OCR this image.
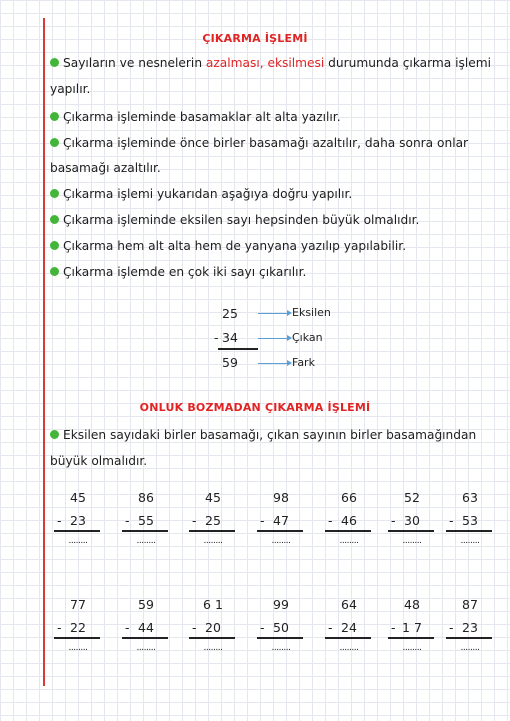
ÇIKARMA İŞLEMİ
Sayıların ve nesnelerin azalması, eksilmesi durumunda çıkarma işlemi
yapılır.
Çıkarma işleminde basamaklar alt alta yazılır.
Çıkarma işleminde önce birler basamağı azaltılır, daha sonra onlar
basamağı azaltılır.
Çıkarma işlemi yukarıdan aşağıya doğru yapılır.
Çıkarma işleminde eksilen sayı hepsinden büyük olmalıdır.
Çıkarma hem alt alta hem de yanyana yazılıp yapılabilir.
Çıkarma işlemde en çok iki sayı çıkarılır.
25
- 34
59
Eksilen
Çıkan
Fark
ONLUK BOZMADAN ÇIKARMA İŞLEMİ
Eksilen sayıdaki birler basamağı, çıkan sayının birler basamağından
büyük olmalıdır.
45
- 23
........
86
- 55
........
45
- 25
........
98
- 47
........
66
- 46
........
52
- 30
........
63
- 53
........
77
- 22
........
59
- 44
........
6 1
- 20
........
99
- 50
........
64
- 24
........
48
- 1 7
........
87
- 23
........
